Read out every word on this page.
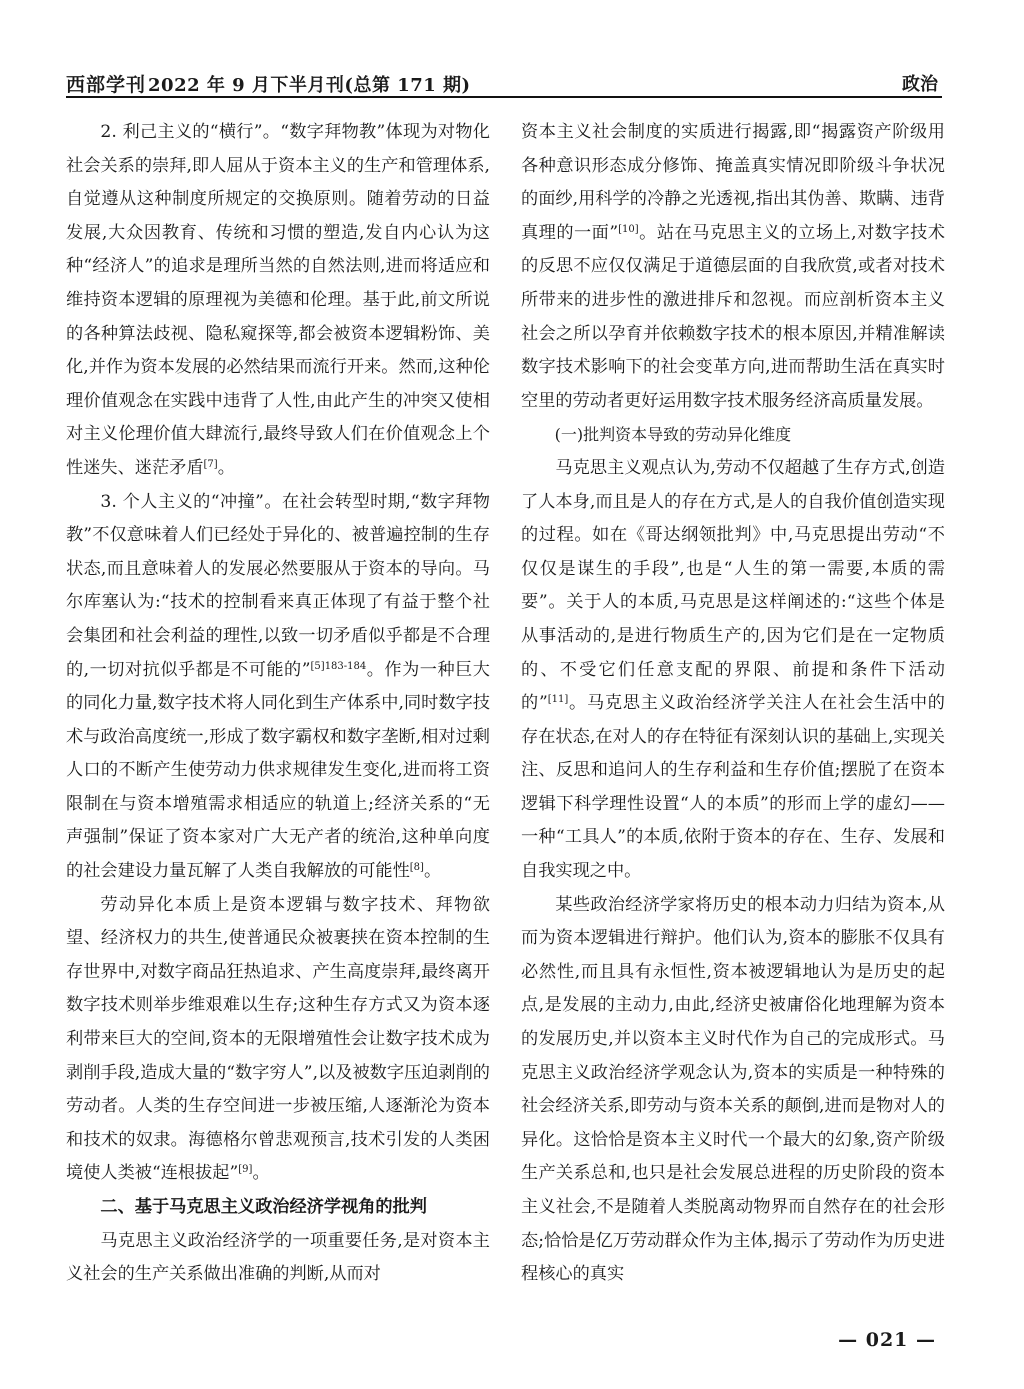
西部学刊 2022 年 9 月下半月刊(总第 171 期)	政治

2. 利己主义的“横行”。“数字拜物教”体现为对物化社会关系的崇拜,即人屈从于资本主义的生产和管理体系,自觉遵从这种制度所规定的交换原则。随着劳动的日益发展,大众因教育、传统和习惯的塑造,发自内心认为这种“经济人”的追求是理所当然的自然法则,进而将适应和维持资本逻辑的原理视为美德和伦理。基于此,前文所说的各种算法歧视、隐私窥探等,都会被资本逻辑粉饰、美化,并作为资本发展的必然结果而流行开来。然而,这种伦理价值观念在实践中违背了人性,由此产生的冲突又使相对主义伦理价值大肆流行,最终导致人们在价值观念上个性迷失、迷茫矛盾[7]。

3. 个人主义的“冲撞”。在社会转型时期,“数字拜物教”不仅意味着人们已经处于异化的、被普遍控制的生存状态,而且意味着人的发展必然要服从于资本的导向。马尔库塞认为:“技术的控制看来真正体现了有益于整个社会集团和社会利益的理性,以致一切矛盾似乎都是不合理的,一切对抗似乎都是不可能的”$^{[5]183-184}$。作为一种巨大的同化力量,数字技术将人同化到生产体系中,同时数字技术与政治高度统一,形成了数字霸权和数字垄断,相对过剩人口的不断产生使劳动力供求规律发生变化,进而将工资限制在与资本增殖需求相适应的轨道上;经济关系的“无声强制”保证了资本家对广大无产者的统治,这种单向度的社会建设力量瓦解了人类自我解放的可能性[8]。

劳动异化本质上是资本逻辑与数字技术、拜物欲望、经济权力的共生,使普通民众被裹挟在资本控制的生存世界中,对数字商品狂热追求、产生高度崇拜,最终离开数字技术则举步维艰难以生存;这种生存方式又为资本逐利带来巨大的空间,资本的无限增殖性会让数字技术成为剥削手段,造成大量的“数字穷人”,以及被数字压迫剥削的劳动者。人类的生存空间进一步被压缩,人逐渐沦为资本和技术的奴隶。海德格尔曾悲观预言,技术引发的人类困境使人类被“连根拔起”[9]。

二、基于马克思主义政治经济学视角的批判

马克思主义政治经济学的一项重要任务,是对资本主义社会的生产关系做出准确的判断,从而对

资本主义社会制度的实质进行揭露,即“揭露资产阶级用各种意识形态成分修饰、掩盖真实情况即阶级斗争状况的面纱,用科学的冷静之光透视,指出其伪善、欺瞒、违背真理的一面”[10]。站在马克思主义的立场上,对数字技术的反思不应仅仅满足于道德层面的自我欣赏,或者对技术所带来的进步性的激进排斥和忽视。而应剖析资本主义社会之所以孕育并依赖数字技术的根本原因,并精准解读数字技术影响下的社会变革方向,进而帮助生活在真实时空里的劳动者更好运用数字技术服务经济高质量发展。

(一)批判资本导致的劳动异化维度

马克思主义观点认为,劳动不仅超越了生存方式,创造了人本身,而且是人的存在方式,是人的自我价值创造实现的过程。如在《哥达纲领批判》中,马克思提出劳动“不仅仅是谋生的手段”,也是“人生的第一需要,本质的需要”。关于人的本质,马克思是这样阐述的:“这些个体是从事活动的,是进行物质生产的,因为它们是在一定物质的、不受它们任意支配的界限、前提和条件下活动的”[11]。马克思主义政治经济学关注人在社会生活中的存在状态,在对人的存在特征有深刻认识的基础上,实现关注、反思和追问人的生存利益和生存价值;摆脱了在资本逻辑下科学理性设置“人的本质”的形而上学的虚幻——一种“工具人”的本质,依附于资本的存在、生存、发展和自我实现之中。

某些政治经济学家将历史的根本动力归结为资本,从而为资本逻辑进行辩护。他们认为,资本的膨胀不仅具有必然性,而且具有永恒性,资本被逻辑地认为是历史的起点,是发展的主动力,由此,经济史被庸俗化地理解为资本的发展历史,并以资本主义时代作为自己的完成形式。马克思主义政治经济学观念认为,资本的实质是一种特殊的社会经济关系,即劳动与资本关系的颠倒,进而是物对人的异化。这恰恰是资本主义时代一个最大的幻象,资产阶级生产关系总和,也只是社会发展总进程的历史阶段的资本主义社会,不是随着人类脱离动物界而自然存在的社会形态;恰恰是亿万劳动群众作为主体,揭示了劳动作为历史进程核心的真实

— 021 —
